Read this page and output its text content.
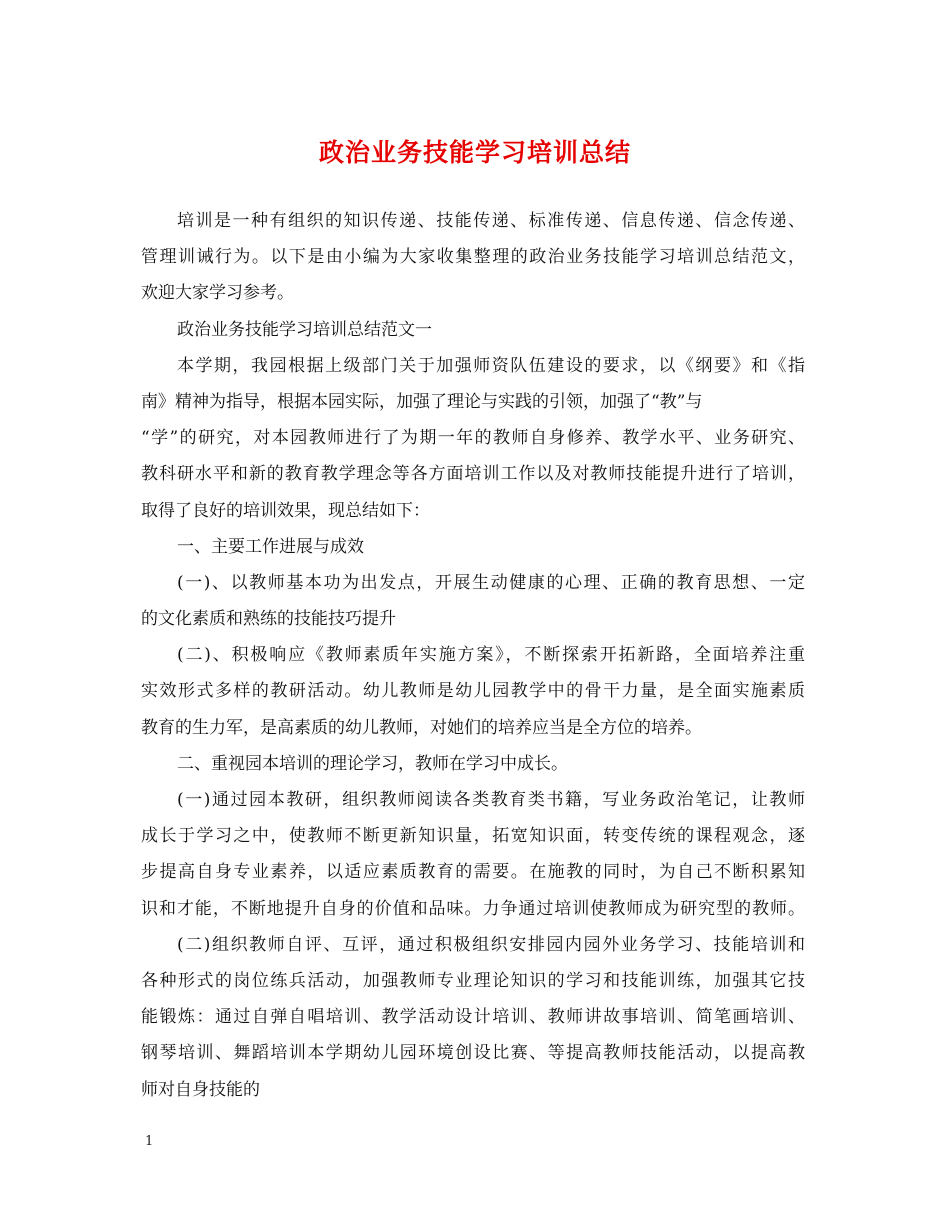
政治业务技能学习培训总结
培训是一种有组织的知识传递、技能传递、标准传递、信息传递、信念传递、
管理训诫行为。以下是由小编为大家收集整理的政治业务技能学习培训总结范文，
欢迎大家学习参考。
政治业务技能学习培训总结范文一
本学期，我园根据上级部门关于加强师资队伍建设的要求，以《纲要》和《指
南》精神为指导，根据本园实际，加强了理论与实践的引领，加强了“教”与
“学”的研究，对本园教师进行了为期一年的教师自身修养、教学水平、业务研究、
教科研水平和新的教育教学理念等各方面培训工作以及对教师技能提升进行了培训，
取得了良好的培训效果，现总结如下：
一、主要工作进展与成效
(一)、以教师基本功为出发点，开展生动健康的心理、正确的教育思想、一定
的文化素质和熟练的技能技巧提升
(二)、积极响应《教师素质年实施方案》，不断探索开拓新路，全面培养注重
实效形式多样的教研活动。幼儿教师是幼儿园教学中的骨干力量，是全面实施素质
教育的生力军，是高素质的幼儿教师，对她们的培养应当是全方位的培养。
二、重视园本培训的理论学习，教师在学习中成长。
(一)通过园本教研，组织教师阅读各类教育类书籍，写业务政治笔记，让教师
成长于学习之中，使教师不断更新知识量，拓宽知识面，转变传统的课程观念，逐
步提高自身专业素养，以适应素质教育的需要。在施教的同时，为自己不断积累知
识和才能，不断地提升自身的价值和品味。力争通过培训使教师成为研究型的教师。
(二)组织教师自评、互评，通过积极组织安排园内园外业务学习、技能培训和
各种形式的岗位练兵活动，加强教师专业理论知识的学习和技能训练，加强其它技
能锻炼：通过自弹自唱培训、教学活动设计培训、教师讲故事培训、简笔画培训、
钢琴培训、舞蹈培训本学期幼儿园环境创设比赛、等提高教师技能活动，以提高教
师对自身技能的
1
